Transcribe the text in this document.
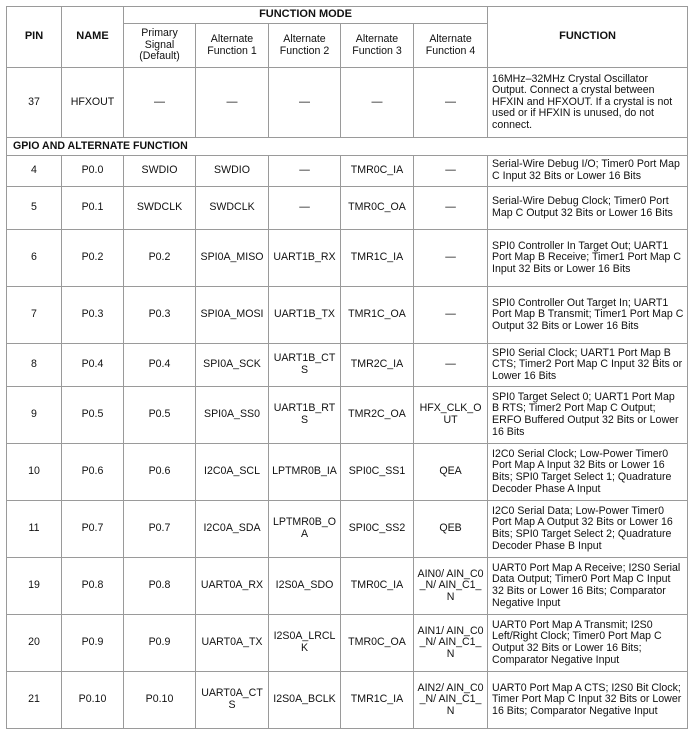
PIN	NAME	FUNCTION MODE					FUNCTION
		Primary Signal (Default)	Alternate Function 1	Alternate Function 2	Alternate Function 3	Alternate Function 4	
37	HFXOUT	—	—	—	—	—	16MHz–32MHz Crystal Oscillator Output. Connect a crystal between HFXIN and HFXOUT. If a crystal is not used or if HFXIN is unused, do not connect.
GPIO AND ALTERNATE FUNCTION							
4	P0.0	SWDIO	SWDIO	—	TMR0C_IA	—	Serial-Wire Debug I/O; Timer0 Port Map C Input 32 Bits or Lower 16 Bits
5	P0.1	SWDCLK	SWDCLK	—	TMR0C_OA	—	Serial-Wire Debug Clock; Timer0 Port Map C Output 32 Bits or Lower 16 Bits
6	P0.2	P0.2	SPI0A_MISO	UART1B_RX	TMR1C_IA	—	SPI0 Controller In Target Out; UART1 Port Map B Receive; Timer1 Port Map C Input 32 Bits or Lower 16 Bits
7	P0.3	P0.3	SPI0A_MOSI	UART1B_TX	TMR1C_OA	—	SPI0 Controller Out Target In; UART1 Port Map B Transmit; Timer1 Port Map C Output 32 Bits or Lower 16 Bits
8	P0.4	P0.4	SPI0A_SCK	UART1B_CTS	TMR2C_IA	—	SPI0 Serial Clock; UART1 Port Map B CTS; Timer2 Port Map C Input 32 Bits or Lower 16 Bits
9	P0.5	P0.5	SPI0A_SS0	UART1B_RTS	TMR2C_OA	HFX_CLK_OUT	SPI0 Target Select 0; UART1 Port Map B RTS; Timer2 Port Map C Output; ERFO Buffered Output 32 Bits or Lower 16 Bits
10	P0.6	P0.6	I2C0A_SCL	LPTMR0B_IA	SPI0C_SS1	QEA	I2C0 Serial Clock; Low-Power Timer0 Port Map A Input 32 Bits or Lower 16 Bits; SPI0 Target Select 1; Quadrature Decoder Phase A Input
11	P0.7	P0.7	I2C0A_SDA	LPTMR0B_OA	SPI0C_SS2	QEB	I2C0 Serial Data; Low-Power Timer0 Port Map A Output 32 Bits or Lower 16 Bits; SPI0 Target Select 2; Quadrature Decoder Phase B Input
19	P0.8	P0.8	UART0A_RX	I2S0A_SDO	TMR0C_IA	AIN0/ AIN_C0_N/ AIN_C1_N	UART0 Port Map A Receive; I2S0 Serial Data Output; Timer0 Port Map C Input 32 Bits or Lower 16 Bits; Comparator Negative Input
20	P0.9	P0.9	UART0A_TX	I2S0A_LRCLK	TMR0C_OA	AIN1/ AIN_C0_N/ AIN_C1_N	UART0 Port Map A Transmit; I2S0 Left/Right Clock; Timer0 Port Map C Output 32 Bits or Lower 16 Bits; Comparator Negative Input
21	P0.10	P0.10	UART0A_CTS	I2S0A_BCLK	TMR1C_IA	AIN2/ AIN_C0_N/ AIN_C1_N	UART0 Port Map A CTS; I2S0 Bit Clock; Timer Port Map C Input 32 Bits or Lower 16 Bits; Comparator Negative Input
